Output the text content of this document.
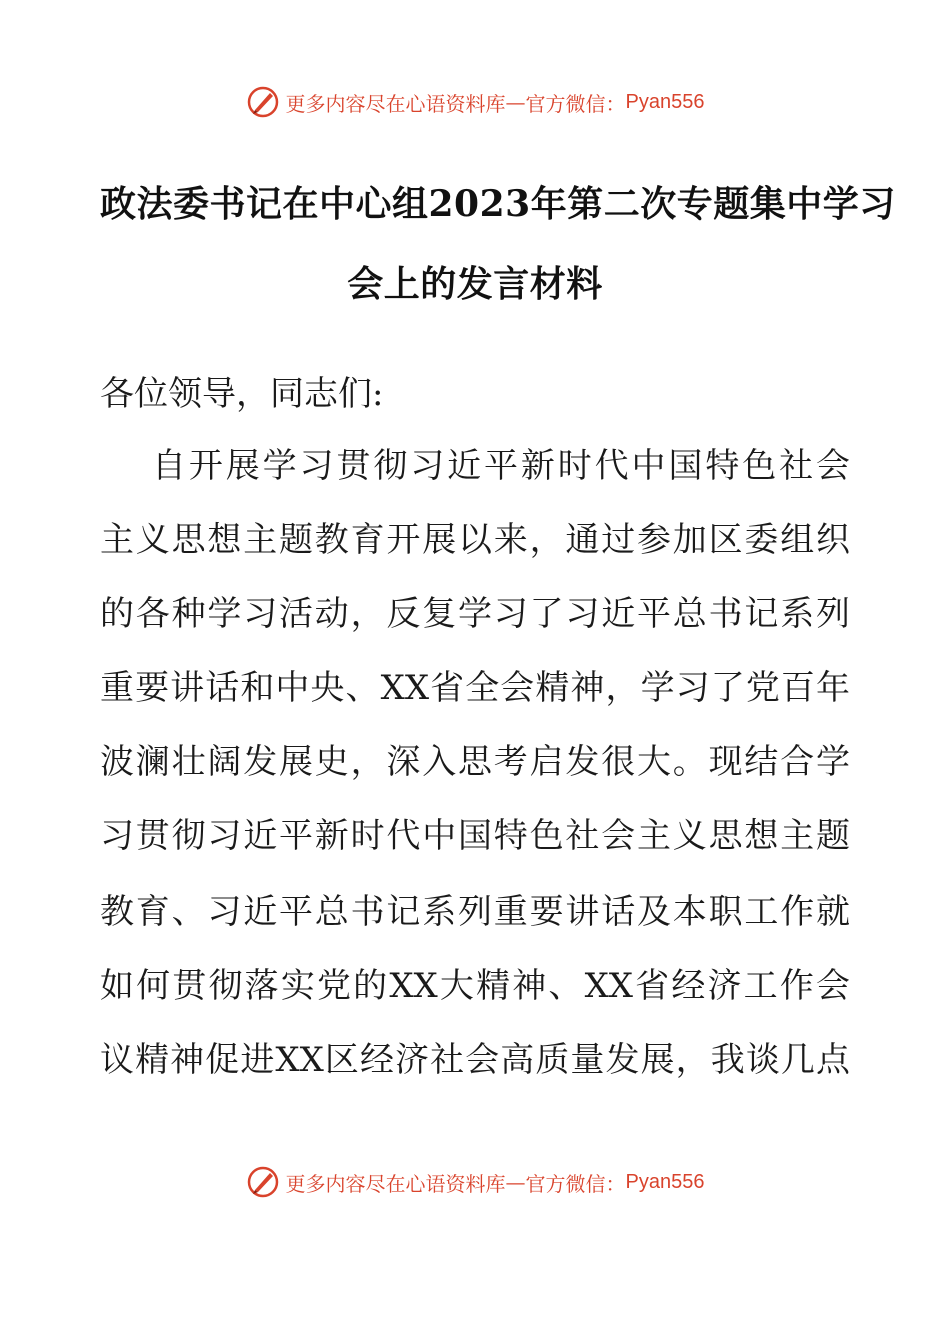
更多内容尽在心语资料库 — 官方微信： Pyan556
政法委书记在中心组2023年第二次专题集中学习
会上的发言材料
各位领导，同志们:
自开展学习贯彻习近平新时代中国特色社会
主义思想主题教育开展以来，通过参加区委组织
的各种学习活动，反复学习了习近平总书记系列
重要讲话和中央、XX省全会精神，学习了党百年
波澜壮阔发展史，深入思考启发很大。现结合学
习贯彻习近平新时代中国特色社会主义思想主题
教育、习近平总书记系列重要讲话及本职工作就
如何贯彻落实党的XX大精神、XX省经济工作会
议精神促进XX区经济社会高质量发展，我谈几点
更多内容尽在心语资料库 — 官方微信： Pyan556
